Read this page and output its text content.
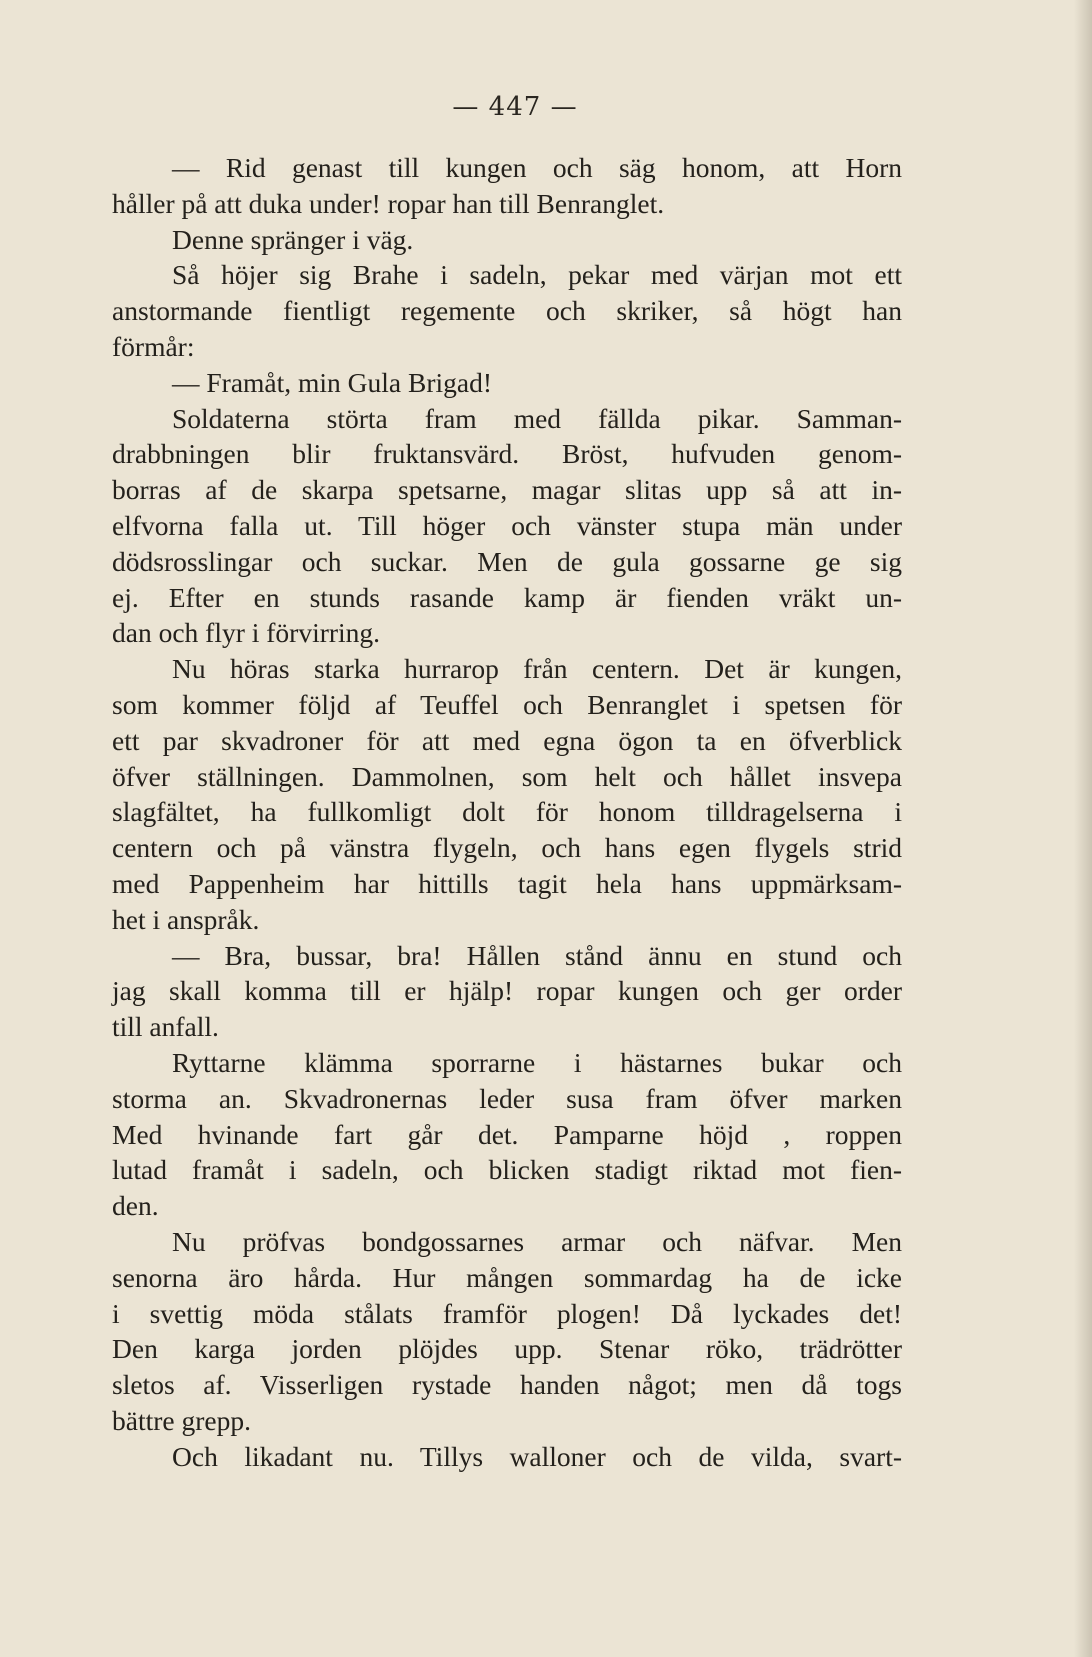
— 447 —
— Rid genast till kungen och säg honom, att Horn
håller på att duka under! ropar han till Benranglet.
Denne spränger i väg.
Så höjer sig Brahe i sadeln, pekar med värjan mot ett
anstormande fientligt regemente och skriker, så högt han
förmår:
— Framåt, min Gula Brigad!
Soldaterna störta fram med fällda pikar. Samman-
drabbningen blir fruktansvärd. Bröst, hufvuden genom-
borras af de skarpa spetsarne, magar slitas upp så att in-
elfvorna falla ut. Till höger och vänster stupa män under
dödsrosslingar och suckar. Men de gula gossarne ge sig
ej. Efter en stunds rasande kamp är fienden vräkt un-
dan och flyr i förvirring.
Nu höras starka hurrarop från centern. Det är kungen,
som kommer följd af Teuffel och Benranglet i spetsen för
ett par skvadroner för att med egna ögon ta en öfverblick
öfver ställningen. Dammolnen, som helt och hållet insvepa
slagfältet, ha fullkomligt dolt för honom tilldragelserna i
centern och på vänstra flygeln, och hans egen flygels strid
med Pappenheim har hittills tagit hela hans uppmärksam-
het i anspråk.
— Bra, bussar, bra! Hållen stånd ännu en stund och
jag skall komma till er hjälp! ropar kungen och ger order
till anfall.
Ryttarne klämma sporrarne i hästarnes bukar och
storma an. Skvadronernas leder susa fram öfver marken
Med hvinande fart går det. Pamparne höjd , roppen
lutad framåt i sadeln, och blicken stadigt riktad mot fien-
den.
Nu pröfvas bondgossarnes armar och näfvar. Men
senorna äro hårda. Hur mången sommardag ha de icke
i svettig möda stålats framför plogen! Då lyckades det!
Den karga jorden plöjdes upp. Stenar röko, trädrötter
sletos af. Visserligen rystade handen något; men då togs
bättre grepp.
Och likadant nu. Tillys walloner och de vilda, svart-
